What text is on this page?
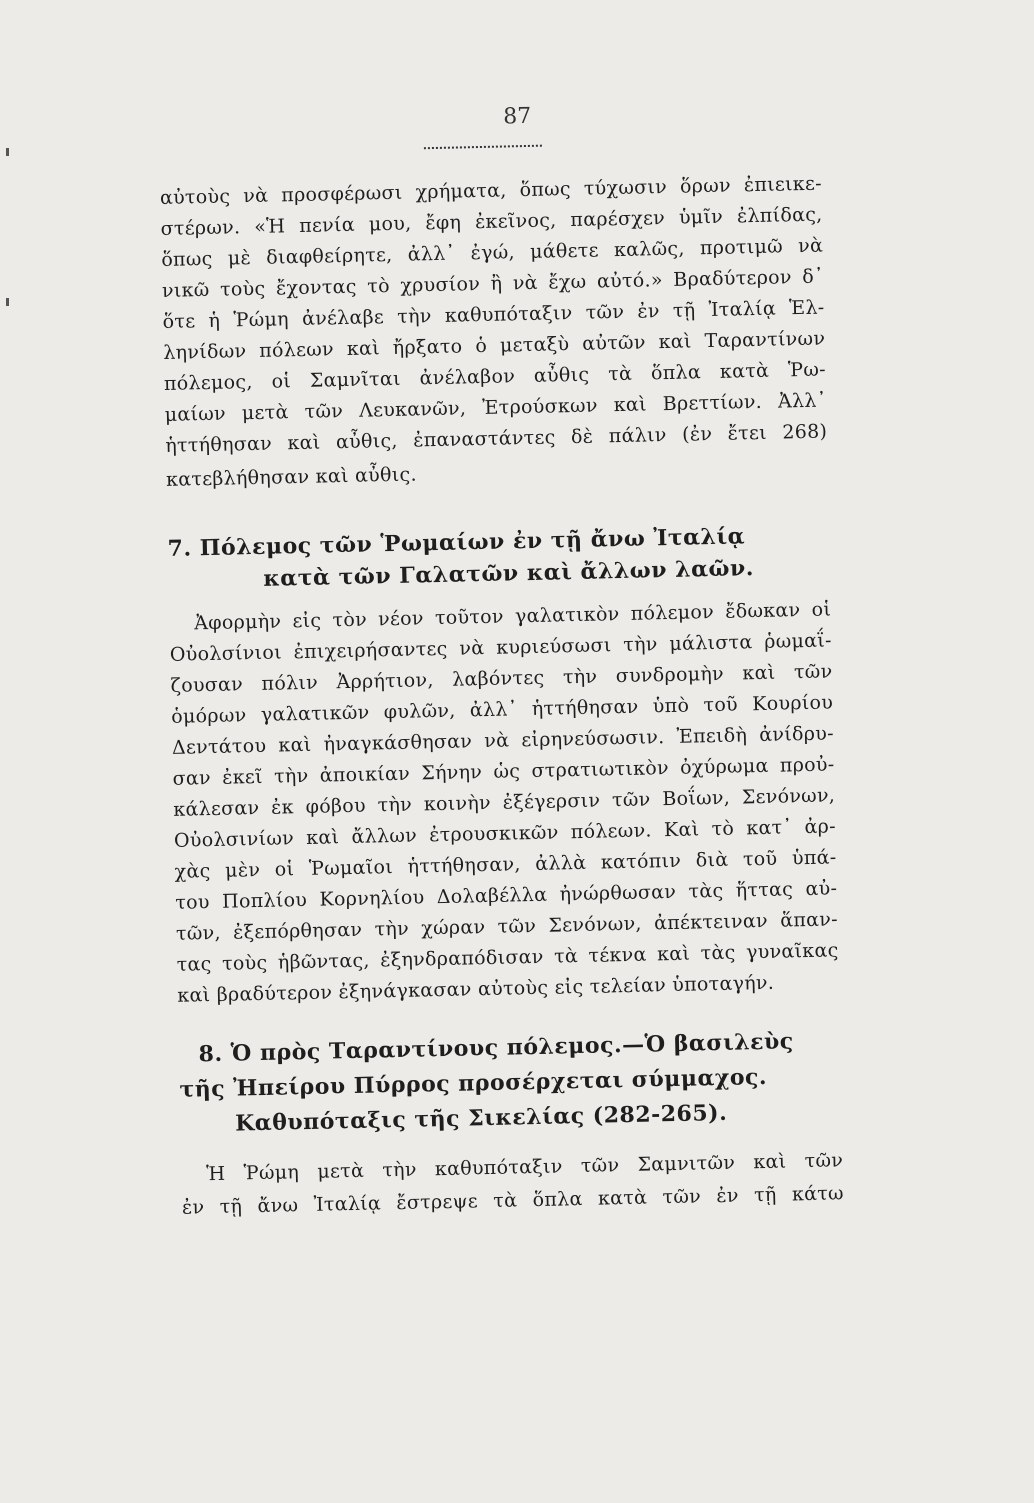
87
αὐτοὺς νὰ προσφέρωσι χρήματα, ὅπως τύχωσιν ὅρων ἐπιεικε-
στέρων. «Ἡ πενία μου, ἔφη ἐκεῖνος, παρέσχεν ὑμῖν ἐλπίδας,
ὅπως μὲ διαφθείρητε, ἀλλ᾽ ἐγώ, μάθετε καλῶς, προτιμῶ νὰ
νικῶ τοὺς ἔχοντας τὸ χρυσίον ἢ νὰ ἔχω αὐτό.» Βραδύτερον δ᾽
ὅτε ἡ Ῥώμη ἀνέλαβε τὴν καθυπόταξιν τῶν ἐν τῇ Ἰταλίᾳ Ἑλ-
ληνίδων πόλεων καὶ ἤρξατο ὁ μεταξὺ αὐτῶν καὶ Ταραντίνων
πόλεμος, οἱ Σαμνῖται ἀνέλαβον αὖθις τὰ ὅπλα κατὰ Ῥω-
μαίων μετὰ τῶν Λευκανῶν, Ἐτρούσκων καὶ Βρεττίων. Ἀλλ᾽
ἡττήθησαν καὶ αὖθις, ἐπαναστάντες δὲ πάλιν (ἐν ἔτει 268)
κατεβλήθησαν καὶ αὖθις.
7. Πόλεμος τῶν Ῥωμαίων ἐν τῇ ἄνω Ἰταλίᾳ
κατὰ τῶν Γαλατῶν καὶ ἄλλων λαῶν.
Ἀφορμὴν εἰς τὸν νέον τοῦτον γαλατικὸν πόλεμον ἔδωκαν οἱ
Οὐολσίνιοι ἐπιχειρήσαντες νὰ κυριεύσωσι τὴν μάλιστα ῥωμαΐ-
ζουσαν πόλιν Ἀρρήτιον, λαβόντες τὴν συνδρομὴν καὶ τῶν
ὁμόρων γαλατικῶν φυλῶν, ἀλλ᾽ ἡττήθησαν ὑπὸ τοῦ Κουρίου
Δεντάτου καὶ ἠναγκάσθησαν νὰ εἰρηνεύσωσιν. Ἐπειδὴ ἀνίδρυ-
σαν ἐκεῖ τὴν ἀποικίαν Σήνην ὡς στρατιωτικὸν ὀχύρωμα προὐ-
κάλεσαν ἐκ φόβου τὴν κοινὴν ἐξέγερσιν τῶν Βοΐων, Σενόνων,
Οὐολσινίων καὶ ἄλλων ἐτρουσκικῶν πόλεων. Καὶ τὸ κατ᾽ ἀρ-
χὰς μὲν οἱ Ῥωμαῖοι ἡττήθησαν, ἀλλὰ κατόπιν διὰ τοῦ ὑπά-
του Ποπλίου Κορνηλίου Δολαβέλλα ἠνώρθωσαν τὰς ἥττας αὐ-
τῶν, ἐξεπόρθησαν τὴν χώραν τῶν Σενόνων, ἀπέκτειναν ἅπαν-
τας τοὺς ἡβῶντας, ἐξηνδραπόδισαν τὰ τέκνα καὶ τὰς γυναῖκας
καὶ βραδύτερον ἐξηνάγκασαν αὐτοὺς εἰς τελείαν ὑποταγήν.
8. Ὁ πρὸς Ταραντίνους πόλεμος.—Ὁ βασιλεὺς
τῆς Ἠπείρου Πύρρος προσέρχεται σύμμαχος.
Καθυπόταξις τῆς Σικελίας (282-265).
Ἡ Ῥώμη μετὰ τὴν καθυπόταξιν τῶν Σαμνιτῶν καὶ τῶν
ἐν τῇ ἄνω Ἰταλίᾳ ἔστρεψε τὰ ὅπλα κατὰ τῶν ἐν τῇ κάτω
